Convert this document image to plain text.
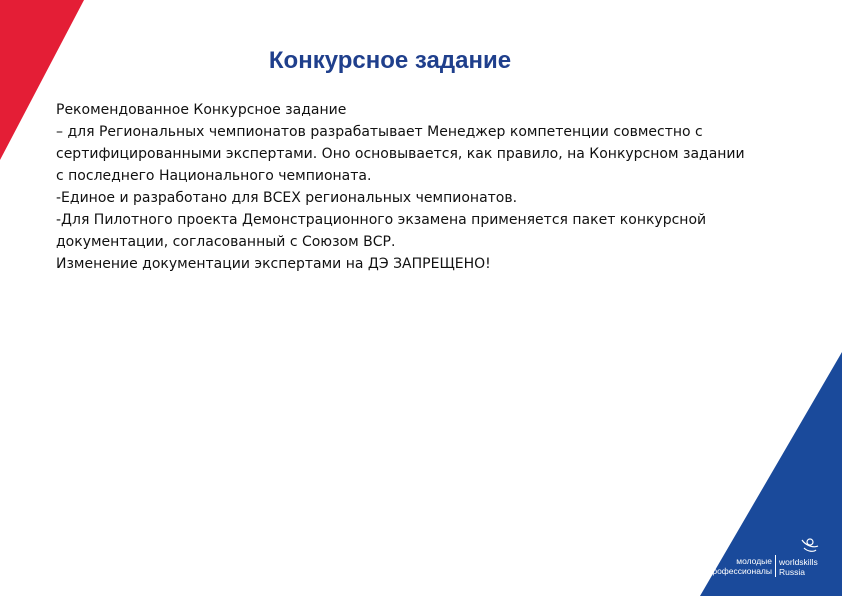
Конкурсное задание

Рекомендованное Конкурсное задание

– для Региональных чемпионатов разрабатывает Менеджер компетенции совместно с

сертифицированными экспертами. Оно основывается, как правило, на Конкурсном задании

с последнего Национального чемпионата.

-Единое и разработано для ВСЕХ региональных чемпионатов.

-Для Пилотного проекта Демонстрационного экзамена применяется пакет конкурсной

документации, согласованный с Союзом ВСР.

Изменение документации экспертами на ДЭ ЗАПРЕЩЕНО!

молодые
профессионалы
worldskills
Russia
